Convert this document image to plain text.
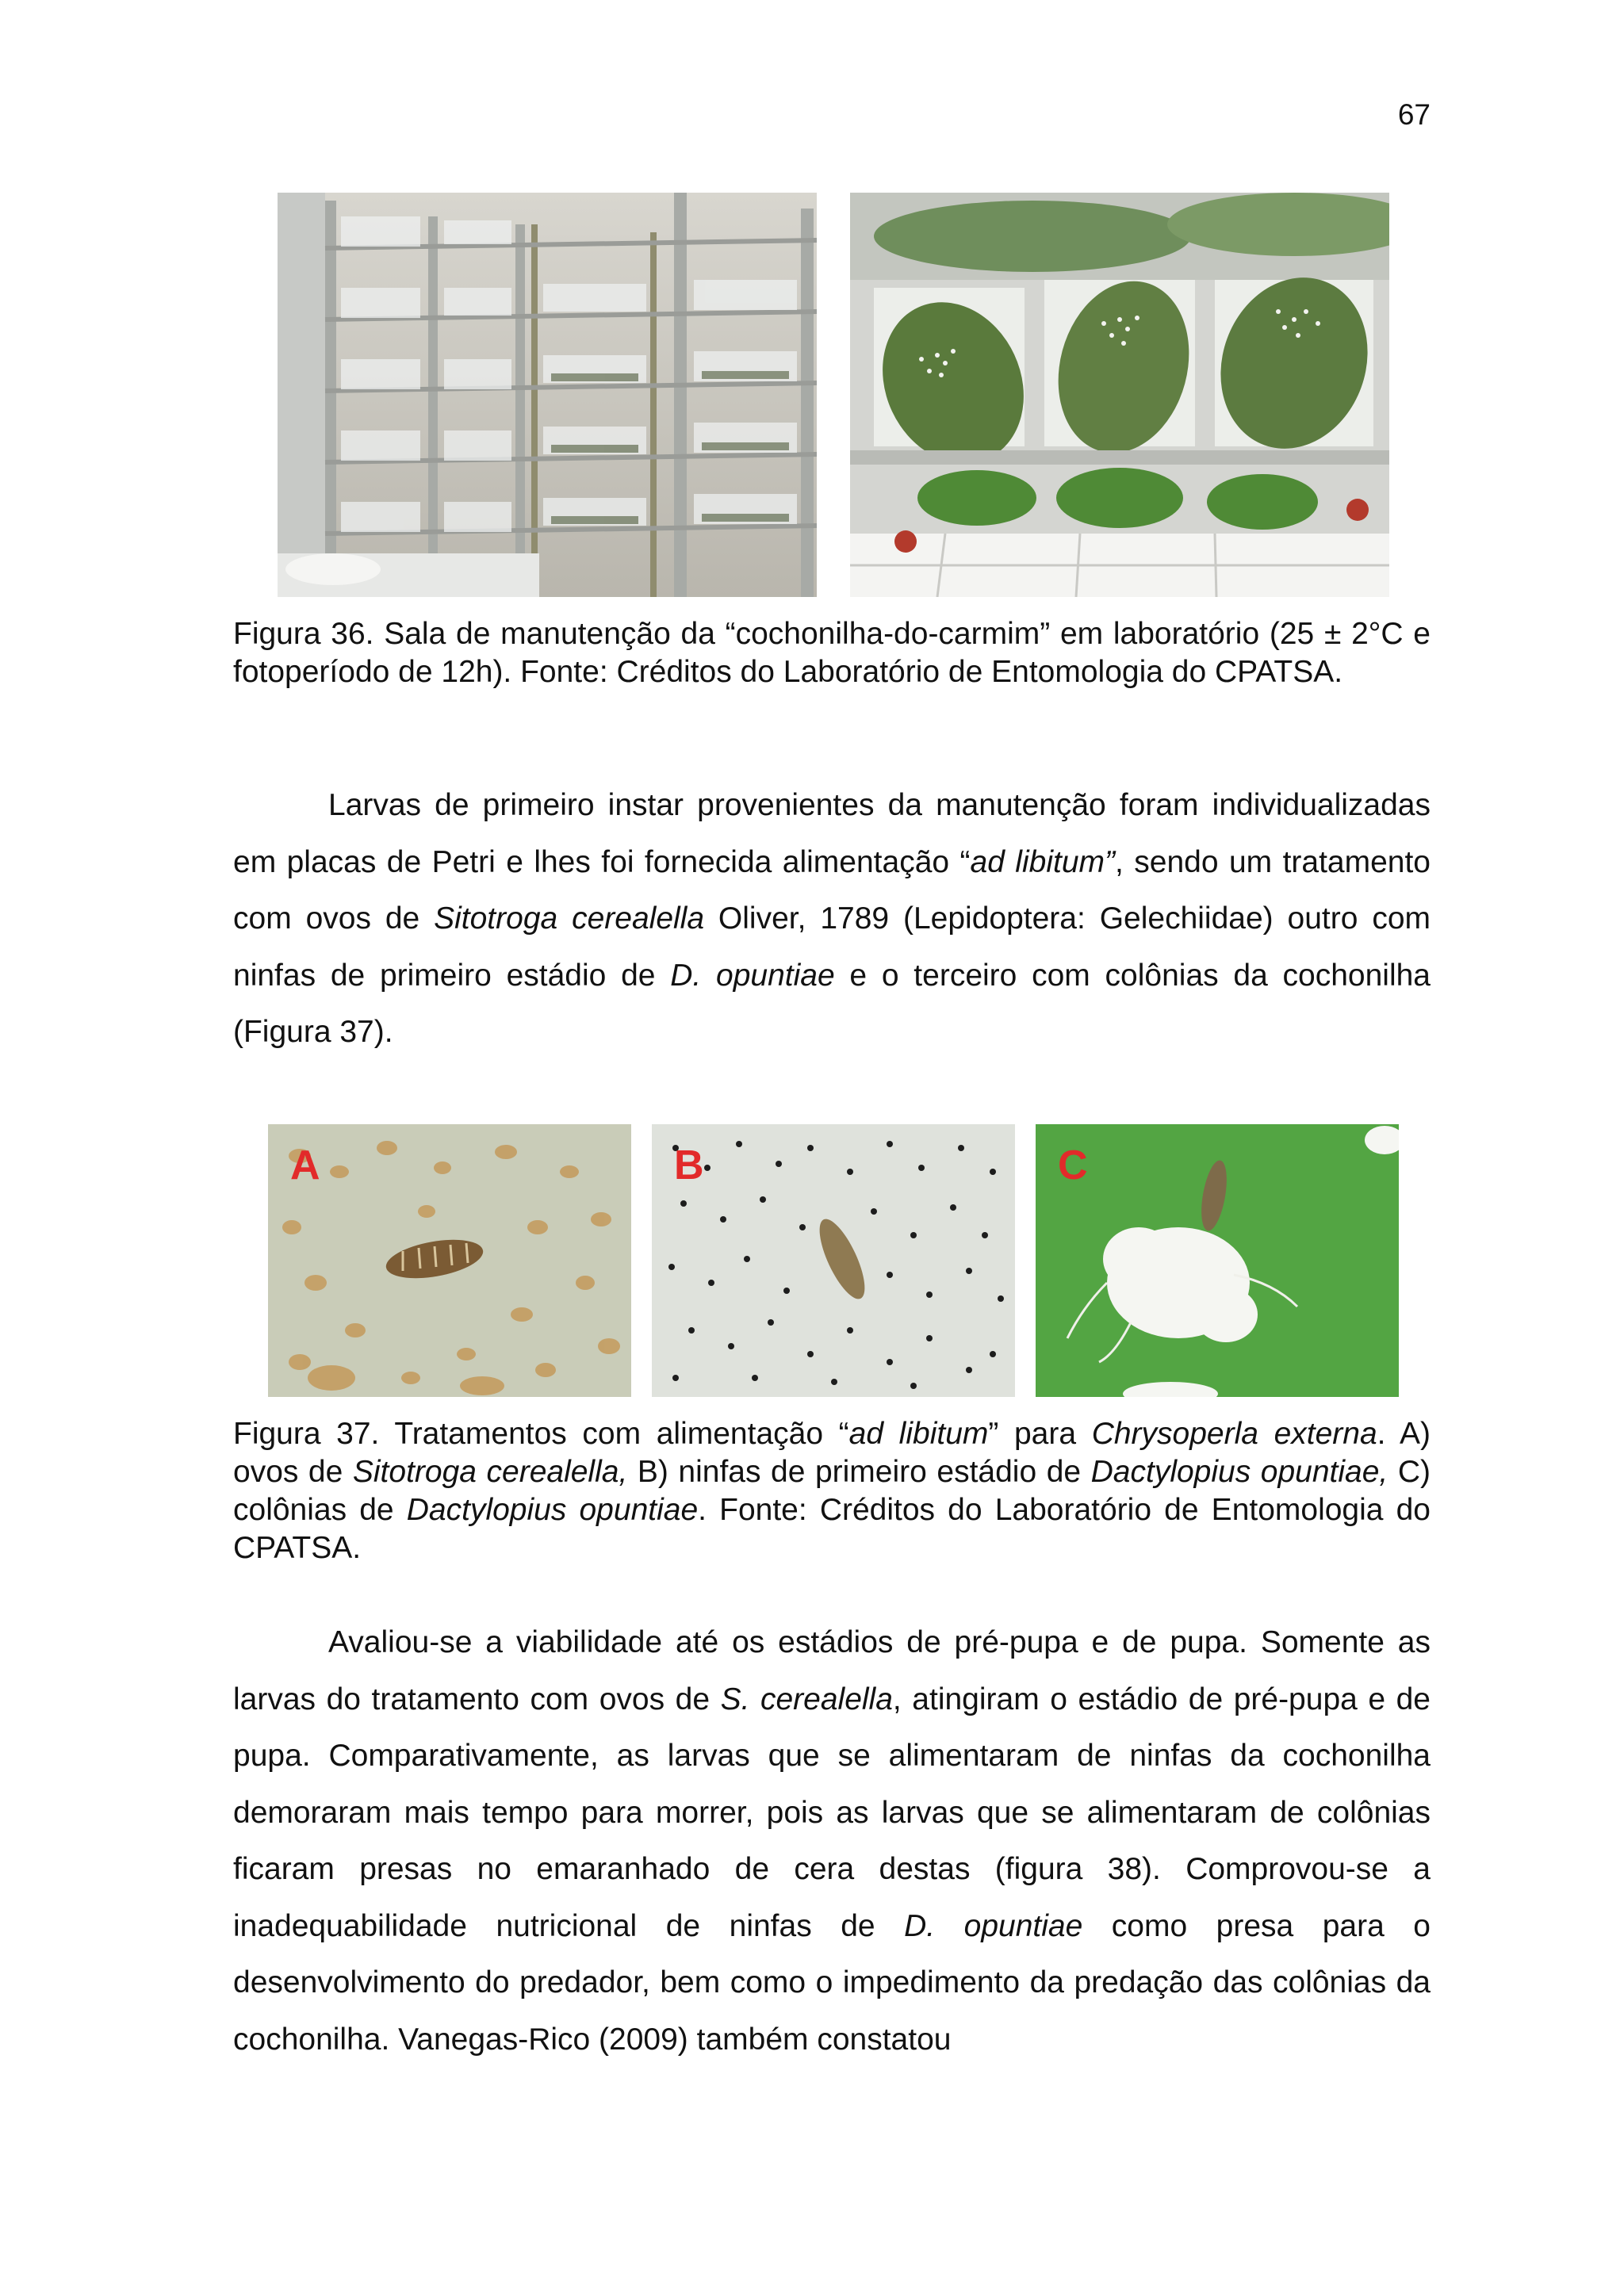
67
Figura 36. Sala de manutenção da “cochonilha-do-carmim” em laboratório (25 ± 2°C e fotoperíodo de 12h). Fonte: Créditos do Laboratório de Entomologia do CPATSA.
Larvas de primeiro instar provenientes da manutenção foram individualizadas em placas de Petri e lhes foi fornecida alimentação “ad libitum”, sendo um tratamento com ovos de Sitotroga cerealella Oliver, 1789 (Lepidoptera: Gelechiidae) outro com ninfas de primeiro estádio de D. opuntiae e o terceiro com colônias da cochonilha (Figura 37).
A	B	C
Figura 37. Tratamentos com alimentação “ad libitum” para Chrysoperla externa. A) ovos de Sitotroga cerealella, B) ninfas de primeiro estádio de Dactylopius opuntiae, C) colônias de Dactylopius opuntiae. Fonte: Créditos do Laboratório de Entomologia do CPATSA.
Avaliou-se a viabilidade até os estádios de pré-pupa e de pupa. Somente as larvas do tratamento com ovos de S. cerealella, atingiram o estádio de pré-pupa e de pupa. Comparativamente, as larvas que se alimentaram de ninfas da cochonilha demoraram mais tempo para morrer, pois as larvas que se alimentaram de colônias ficaram presas no emaranhado de cera destas (figura 38). Comprovou-se a inadequabilidade nutricional de ninfas de D. opuntiae como presa para o desenvolvimento do predador, bem como o impedimento da predação das colônias da cochonilha. Vanegas-Rico (2009) também constatou
